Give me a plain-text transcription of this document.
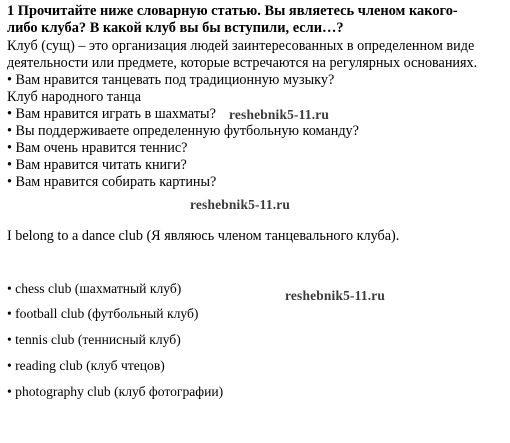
1 Прочитайте ниже словарную статью. Вы являетесь членом какого-
либо клуба? В какой клуб вы бы вступили, если…?
Клуб (сущ) – это организация людей заинтересованных в определенном виде
деятельности или предмете, которые встречаются на регулярных основаниях.
• Вам нравится танцевать под традиционную музыку?
Клуб народного танца
• Вам нравится играть в шахматы?
• Вы поддерживаете определенную футбольную команду?
• Вам очень нравится теннис?
• Вам нравится читать книги?
• Вам нравится собирать картины?
I belong to a dance club (Я являюсь членом танцевального клуба).
• chess club (шахматный клуб)
• football club (футбольный клуб)
• tennis club (теннисный клуб)
• reading club (клуб чтецов)
• photography club (клуб фотографии)
reshebnik5-11.ru
reshebnik5-11.ru
reshebnik5-11.ru
